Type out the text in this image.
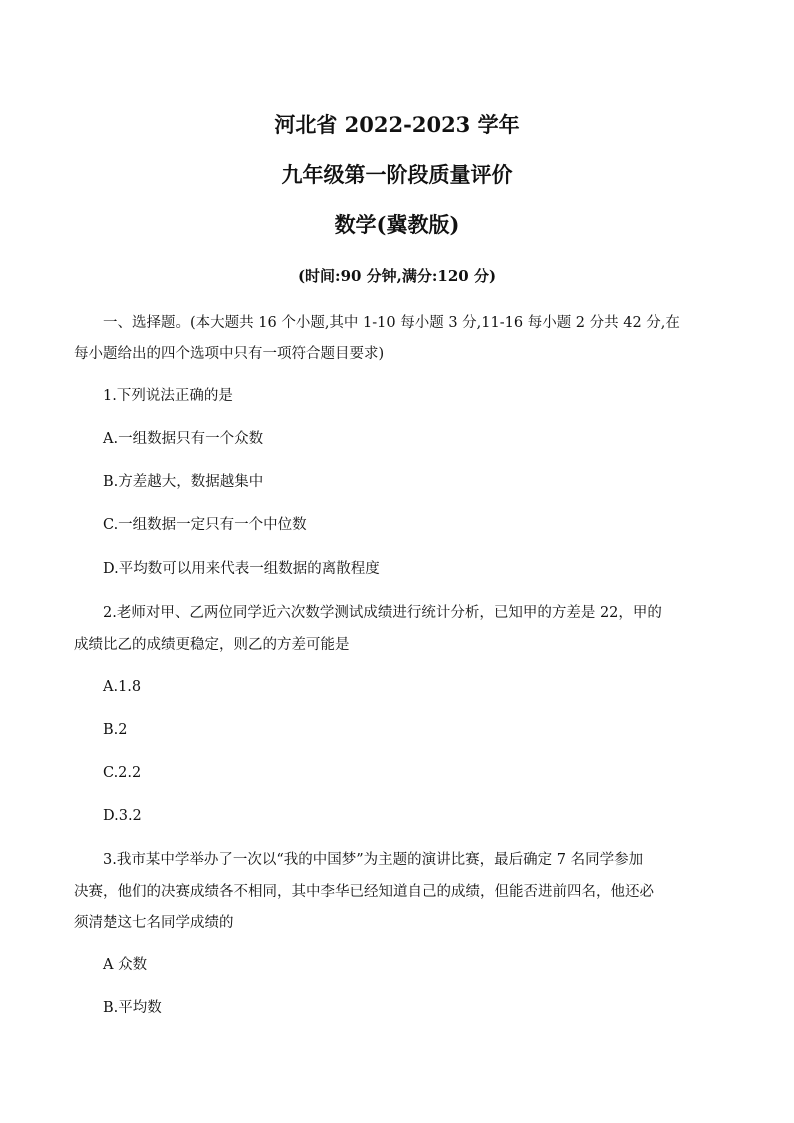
河北省 2022-2023 学年
九年级第一阶段质量评价
数学(冀教版)
(时间:90 分钟,满分:120 分)
一、选择题。(本大题共 16 个小题,其中 1-10 每小题 3 分,11-16 每小题 2 分共 42 分,在
每小题给出的四个选项中只有一项符合题目要求)
1.下列说法正确的是
A.一组数据只有一个众数
B.方差越大，数据越集中
C.一组数据一定只有一个中位数
D.平均数可以用来代表一组数据的离散程度
2.老师对甲、乙两位同学近六次数学测试成绩进行统计分析，已知甲的方差是 22，甲的
成绩比乙的成绩更稳定，则乙的方差可能是
A.1.8
B.2
C.2.2
D.3.2
3.我市某中学举办了一次以“我的中国梦”为主题的演讲比赛，最后确定 7 名同学参加
决赛，他们的决赛成绩各不相同，其中李华已经知道自己的成绩，但能否进前四名，他还必
须清楚这七名同学成绩的
A 众数
B.平均数
